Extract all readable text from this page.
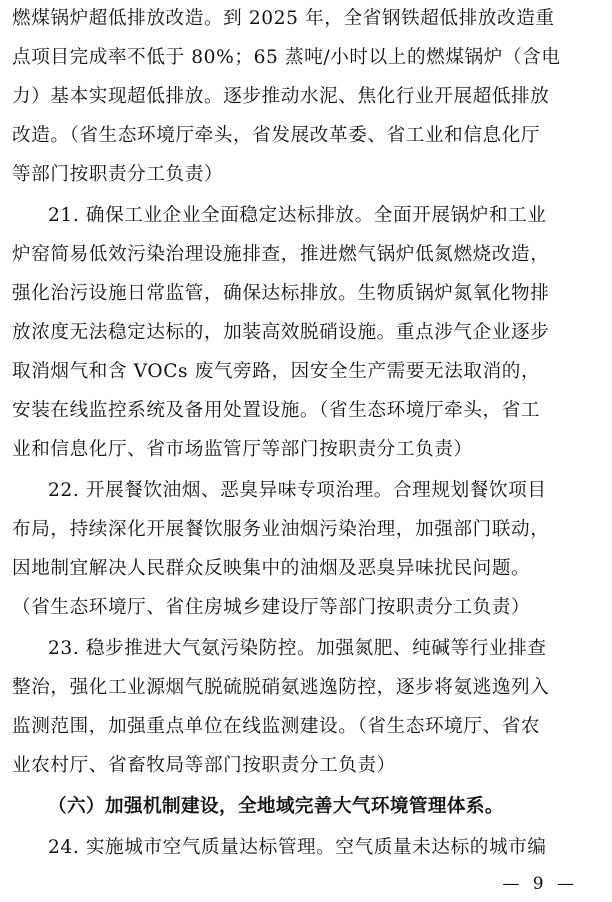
燃煤锅炉超低排放改造。到 2025 年，全省钢铁超低排放改造重
点项目完成率不低于 80%；65 蒸吨/小时以上的燃煤锅炉（含电
力）基本实现超低排放。逐步推动水泥、焦化行业开展超低排放
改造。（省生态环境厅牵头，省发展改革委、省工业和信息化厅
等部门按职责分工负责）
21. 确保工业企业全面稳定达标排放。全面开展锅炉和工业
炉窑简易低效污染治理设施排查，推进燃气锅炉低氮燃烧改造，
强化治污设施日常监管，确保达标排放。生物质锅炉氮氧化物排
放浓度无法稳定达标的，加装高效脱硝设施。重点涉气企业逐步
取消烟气和含 VOCs 废气旁路，因安全生产需要无法取消的，
安装在线监控系统及备用处置设施。（省生态环境厅牵头，省工
业和信息化厅、省市场监管厅等部门按职责分工负责）
22. 开展餐饮油烟、恶臭异味专项治理。合理规划餐饮项目
布局，持续深化开展餐饮服务业油烟污染治理，加强部门联动，
因地制宜解决人民群众反映集中的油烟及恶臭异味扰民问题。
（省生态环境厅、省住房城乡建设厅等部门按职责分工负责）
23. 稳步推进大气氨污染防控。加强氮肥、纯碱等行业排查
整治，强化工业源烟气脱硫脱硝氨逃逸防控，逐步将氨逃逸列入
监测范围，加强重点单位在线监测建设。（省生态环境厅、省农
业农村厅、省畜牧局等部门按职责分工负责）
（六）加强机制建设，全地域完善大气环境管理体系。
24. 实施城市空气质量达标管理。空气质量未达标的城市编
— 9 —
